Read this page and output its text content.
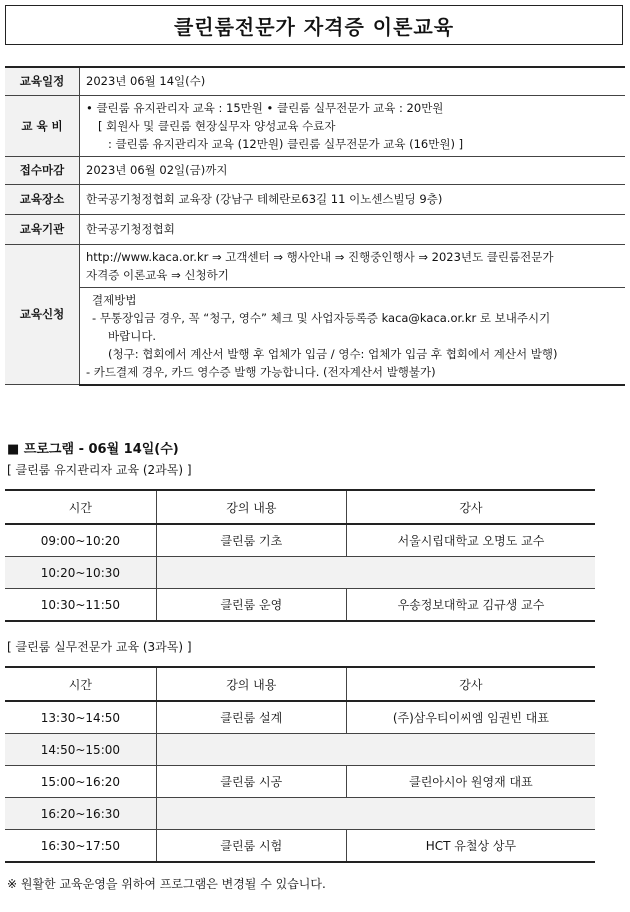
클린룸전문가 자격증 이론교육
교육일정	2023년 06월 14일(수)
교 육 비	• 클린룸 유지관리자 교육 : 15만원 • 클린룸 실무전문가 교육 : 20만원
[ 회원사 및 클린룸 현장실무자 양성교육 수료자
: 클린룸 유지관리자 교육 (12만원) 클린룸 실무전문가 교육 (16만원) ]

접수마감	2023년 06월 02일(금)까지
교육장소	한국공기청정협회 교육장 (강남구 테헤란로63길 11 이노센스빌딩 9층)
교육기관	한국공기청정협회
교육신청	http://www.kaca.or.kr ⇒ 고객센터 ⇒ 행사안내 ⇒ 진행중인행사 ⇒ 2023년도 클린룸전문가
자격증 이론교육 ⇒ 신청하기

	결제방법
- 무통장입금 경우, 꼭 “청구, 영수” 체크 및 사업자등록증 kaca@kaca.or.kr 로 보내주시기
바랍니다.
(청구: 협회에서 계산서 발행 후 업체가 입금 / 영수: 업체가 입금 후 협회에서 계산서 발행)
- 카드결제 경우, 카드 영수증 발행 가능합니다. (전자계산서 발행불가)
■ 프로그램 - 06월 14일(수)
[ 클린룸 유지관리자 교육 (2과목) ]
시간	강의 내용	강사
09:00~10:20	클린룸 기초	서울시립대학교 오명도 교수
10:20~10:30		
10:30~11:50	클린룸 운영	우송정보대학교 김규생 교수
[ 클린룸 실무전문가 교육 (3과목) ]
시간	강의 내용	강사
13:30~14:50	클린룸 설계	(주)삼우티이씨엠 임권빈 대표
14:50~15:00		
15:00~16:20	클린룸 시공	클린아시아 원영재 대표
16:20~16:30		
16:30~17:50	클린룸 시험	HCT 유철상 상무
※ 원활한 교육운영을 위하여 프로그램은 변경될 수 있습니다.
